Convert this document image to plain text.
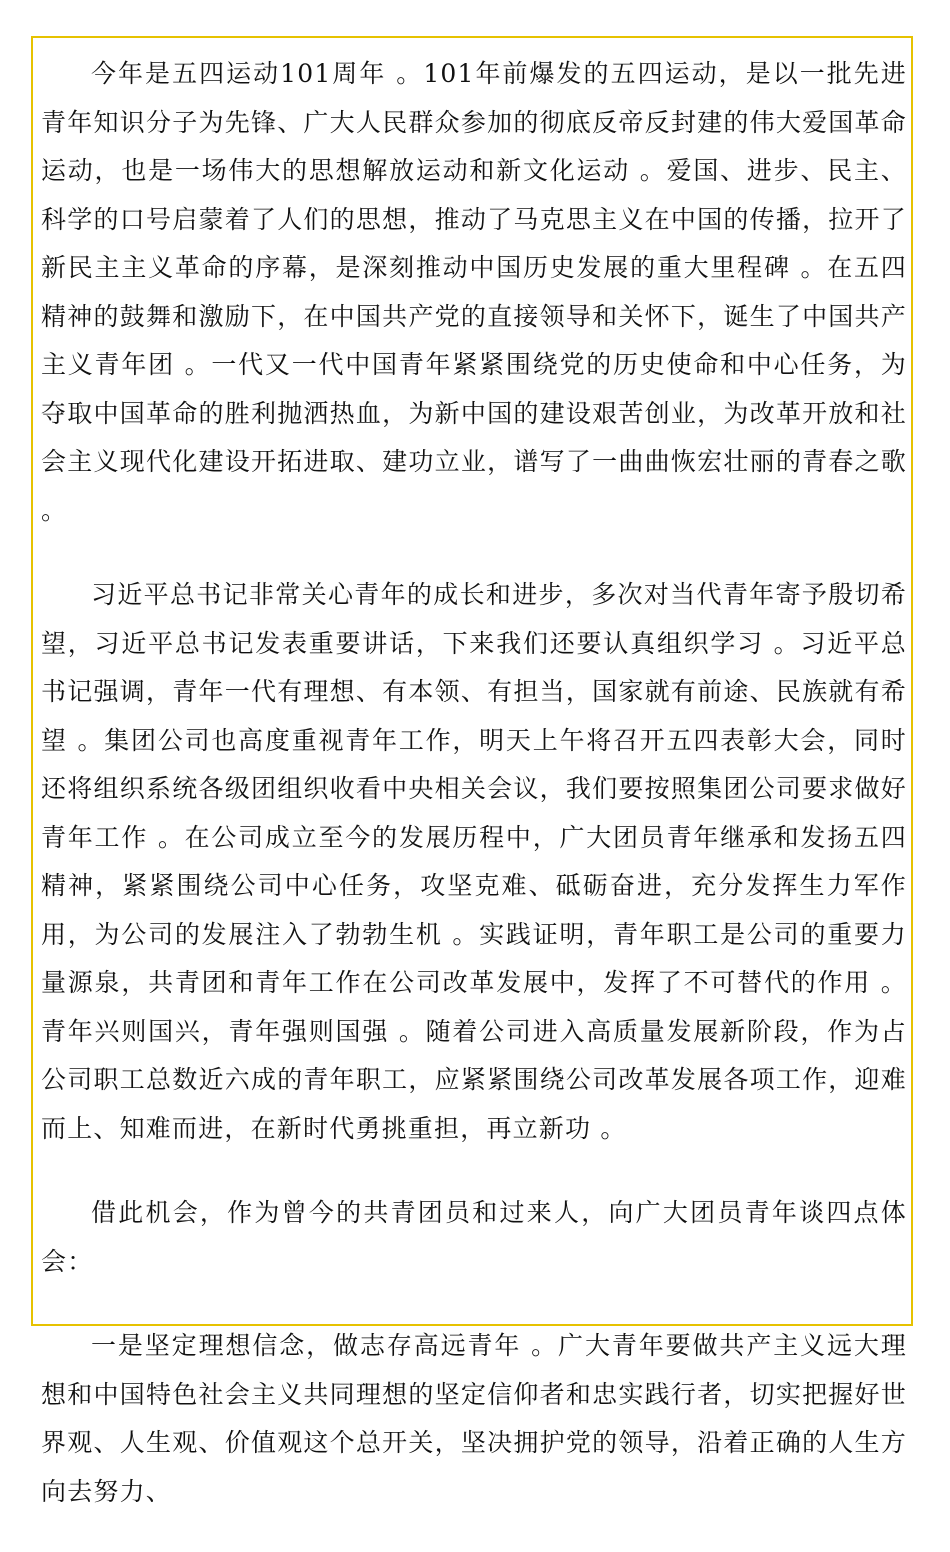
今年是五四运动101周年 。101年前爆发的五四运动，是以一批先进青年知识分子为先锋、广大人民群众参加的彻底反帝反封建的伟大爱国革命运动，也是一场伟大的思想解放运动和新文化运动 。爱国、进步、民主、科学的口号启蒙着了人们的思想，推动了马克思主义在中国的传播，拉开了新民主主义革命的序幕，是深刻推动中国历史发展的重大里程碑 。在五四精神的鼓舞和激励下，在中国共产党的直接领导和关怀下，诞生了中国共产主义青年团 。一代又一代中国青年紧紧围绕党的历史使命和中心任务，为夺取中国革命的胜利抛洒热血，为新中国的建设艰苦创业，为改革开放和社会主义现代化建设开拓进取、建功立业，谱写了一曲曲恢宏壮丽的青春之歌 。

习近平总书记非常关心青年的成长和进步，多次对当代青年寄予殷切希望，习近平总书记发表重要讲话，下来我们还要认真组织学习 。习近平总书记强调，青年一代有理想、有本领、有担当，国家就有前途、民族就有希望 。集团公司也高度重视青年工作，明天上午将召开五四表彰大会，同时还将组织系统各级团组织收看中央相关会议，我们要按照集团公司要求做好青年工作 。在公司成立至今的发展历程中，广大团员青年继承和发扬五四精神，紧紧围绕公司中心任务，攻坚克难、砥砺奋进，充分发挥生力军作用，为公司的发展注入了勃勃生机 。实践证明，青年职工是公司的重要力量源泉，共青团和青年工作在公司改革发展中，发挥了不可替代的作用 。青年兴则国兴，青年强则国强 。随着公司进入高质量发展新阶段，作为占公司职工总数近六成的青年职工，应紧紧围绕公司改革发展各项工作，迎难而上、知难而进，在新时代勇挑重担，再立新功 。

借此机会，作为曾今的共青团员和过来人，向广大团员青年谈四点体会：

一是坚定理想信念，做志存高远青年 。广大青年要做共产主义远大理想和中国特色社会主义共同理想的坚定信仰者和忠实践行者，切实把握好世界观、人生观、价值观这个总开关，坚决拥护党的领导，沿着正确的人生方向去努力、
